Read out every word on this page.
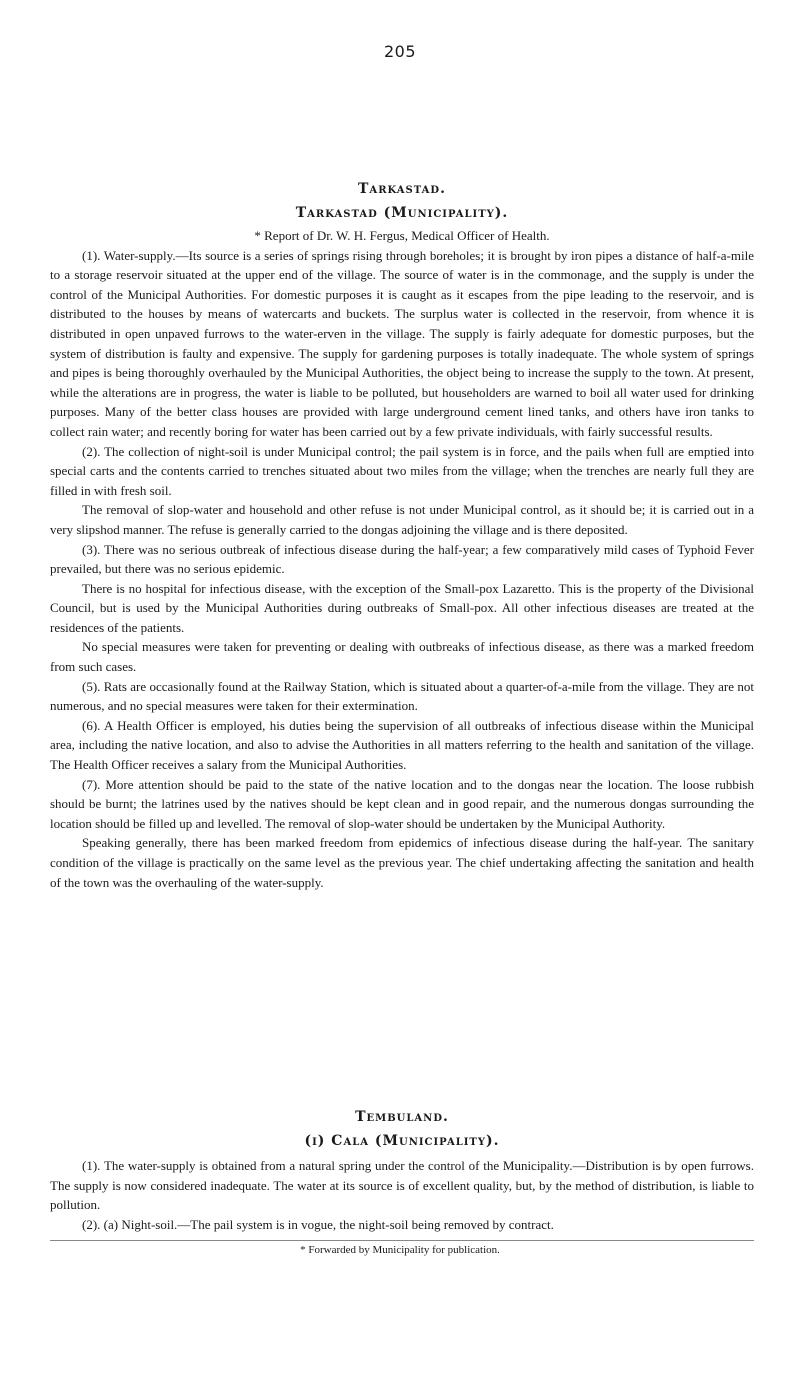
205
Tarkastad.
Tarkastad (Municipality).

* Report of Dr. W. H. Fergus, Medical Officer of Health.

(1). Water-supply.—Its source is a series of springs rising through boreholes; it is brought by iron pipes a distance of half-a-mile to a storage reservoir situated at the upper end of the village. The source of water is in the commonage, and the supply is under the control of the Municipal Authorities. For domestic purposes it is caught as it escapes from the pipe leading to the reservoir, and is distributed to the houses by means of watercarts and buckets. The surplus water is collected in the reservoir, from whence it is distributed in open unpaved furrows to the water-erven in the village. The supply is fairly adequate for domestic purposes, but the system of distribution is faulty and expensive. The supply for gardening purposes is totally inadequate. The whole system of springs and pipes is being thoroughly overhauled by the Municipal Authorities, the object being to increase the supply to the town. At present, while the alterations are in progress, the water is liable to be polluted, but householders are warned to boil all water used for drinking purposes. Many of the better class houses are provided with large underground cement lined tanks, and others have iron tanks to collect rain water; and recently boring for water has been carried out by a few private individuals, with fairly successful results.

(2). The collection of night-soil is under Municipal control; the pail system is in force, and the pails when full are emptied into special carts and the contents carried to trenches situated about two miles from the village; when the trenches are nearly full they are filled in with fresh soil.

The removal of slop-water and household and other refuse is not under Municipal control, as it should be; it is carried out in a very slipshod manner. The refuse is generally carried to the dongas adjoining the village and is there deposited.

(3). There was no serious outbreak of infectious disease during the half-year; a few comparatively mild cases of Typhoid Fever prevailed, but there was no serious epidemic.

There is no hospital for infectious disease, with the exception of the Small-pox Lazaretto. This is the property of the Divisional Council, but is used by the Municipal Authorities during outbreaks of Small-pox. All other infectious diseases are treated at the residences of the patients.

No special measures were taken for preventing or dealing with outbreaks of infectious disease, as there was a marked freedom from such cases.

(5). Rats are occasionally found at the Railway Station, which is situated about a quarter-of-a-mile from the village. They are not numerous, and no special measures were taken for their extermination.

(6). A Health Officer is employed, his duties being the supervision of all outbreaks of infectious disease within the Municipal area, including the native location, and also to advise the Authorities in all matters referring to the health and sanitation of the village. The Health Officer receives a salary from the Municipal Authorities.

(7). More attention should be paid to the state of the native location and to the dongas near the location. The loose rubbish should be burnt; the latrines used by the natives should be kept clean and in good repair, and the numerous dongas surrounding the location should be filled up and levelled. The removal of slop-water should be undertaken by the Municipal Authority.

Speaking generally, there has been marked freedom from epidemics of infectious disease during the half-year. The sanitary condition of the village is practically on the same level as the previous year. The chief undertaking affecting the sanitation and health of the town was the overhauling of the water-supply.

Tembuland.
(i) Cala (Municipality).

(1). The water-supply is obtained from a natural spring under the control of the Municipality.—Distribution is by open furrows. The supply is now considered inadequate. The water at its source is of excellent quality, but, by the method of distribution, is liable to pollution.

(2). (a) Night-soil.—The pail system is in vogue, the night-soil being removed by contract.

* Forwarded by Municipality for publication.
